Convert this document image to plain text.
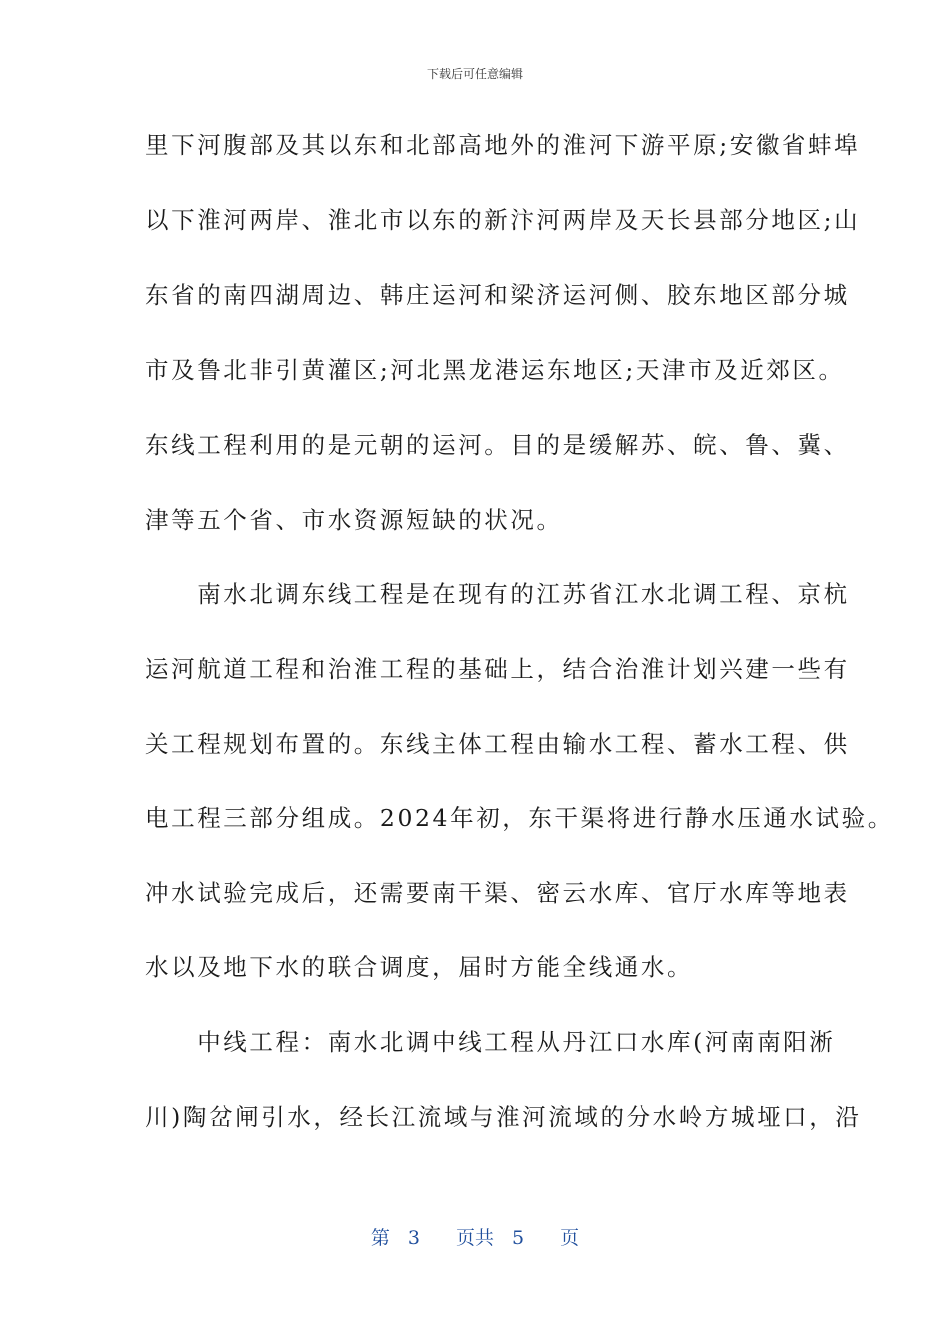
下载后可任意编辑
里下河腹部及其以东和北部高地外的淮河下游平原;安徽省蚌埠
以下淮河两岸、淮北市以东的新汴河两岸及天长县部分地区;山
东省的南四湖周边、韩庄运河和梁济运河侧、胶东地区部分城
市及鲁北非引黄灌区;河北黑龙港运东地区;天津市及近郊区。
东线工程利用的是元朝的运河。目的是缓解苏、皖、鲁、冀、
津等五个省、市水资源短缺的状况。
　　南水北调东线工程是在现有的江苏省江水北调工程、京杭
运河航道工程和治淮工程的基础上，结合治淮计划兴建一些有
关工程规划布置的。东线主体工程由输水工程、蓄水工程、供
电工程三部分组成。2024年初，东干渠将进行静水压通水试验。
冲水试验完成后，还需要南干渠、密云水库、官厅水库等地表
水以及地下水的联合调度，届时方能全线通水。
　　中线工程：南水北调中线工程从丹江口水库(河南南阳淅
川)陶岔闸引水，经长江流域与淮河流域的分水岭方城垭口，沿
第 3 页共 5 页
